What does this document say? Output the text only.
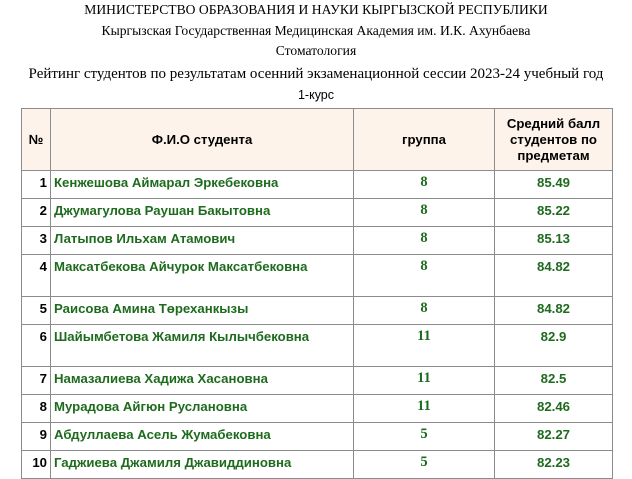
МИНИСТЕРСТВО ОБРАЗОВАНИЯ И НАУКИ КЫРГЫЗСКОЙ РЕСПУБЛИКИ
Кыргызская Государственная Медицинская Академия им. И.К. Ахунбаева
Стоматология
Рейтинг студентов по результатам осенний экзаменационной сессии 2023-24 учебный год
1-курс
№	Ф.И.О студента	группа	Средний балл студентов по предметам
1	Кенжешова Аймарал Эркебековна	8	85.49
2	Джумагулова Раушан Бакытовна	8	85.22
3	Латыпов Ильхам Атамович	8	85.13
4	Максатбекова Айчурок Максатбековна	8	84.82
5	Раисова Амина Төреханкызы	8	84.82
6	Шайымбетова Жамиля Кылычбековна	11	82.9
7	Намазалиева Хадижа Хасановна	11	82.5
8	Мурадова Айгюн Руслановна	11	82.46
9	Абдуллаева Асель Жумабековна	5	82.27
10	Гаджиева Джамиля Джавиддиновна	5	82.23
